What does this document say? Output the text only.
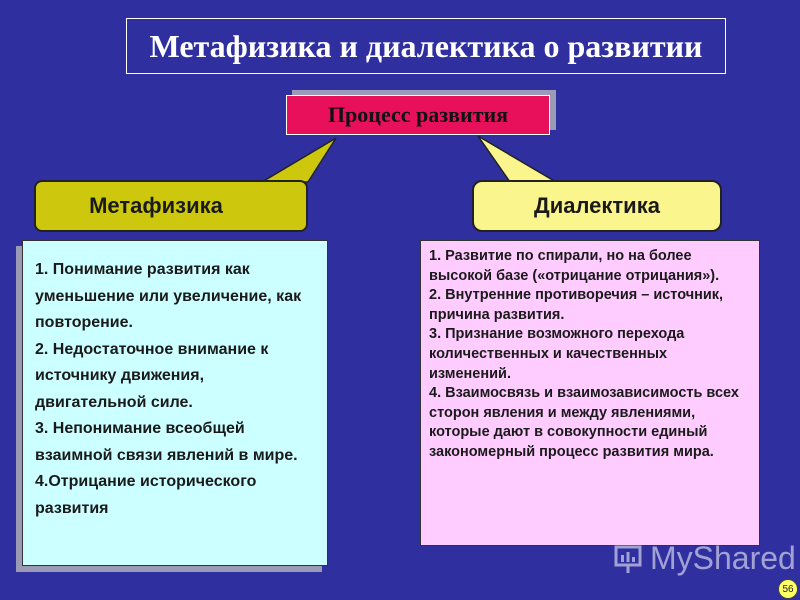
Метафизика и диалектика о развитии
Процесс развития
Метафизика	Диалектика

1. Понимание развития как уменьшение или увеличение, как повторение.

2. Недостаточное внимание к источнику движения, двигательной силе.

3. Непонимание всеобщей взаимной связи явлений в мире.

4.Отрицание исторического развития

1. Развитие по спирали, но на более высокой базе («отрицание отрицания»).

2. Внутренние противоречия – источник, причина развития.

3. Признание возможного перехода количественных и качественных изменений.

4. Взаимосвязь и взаимозависимость всех сторон явления и между явлениями, которые дают в совокупности единый закономерный процесс развития мира.

MyShared
56
